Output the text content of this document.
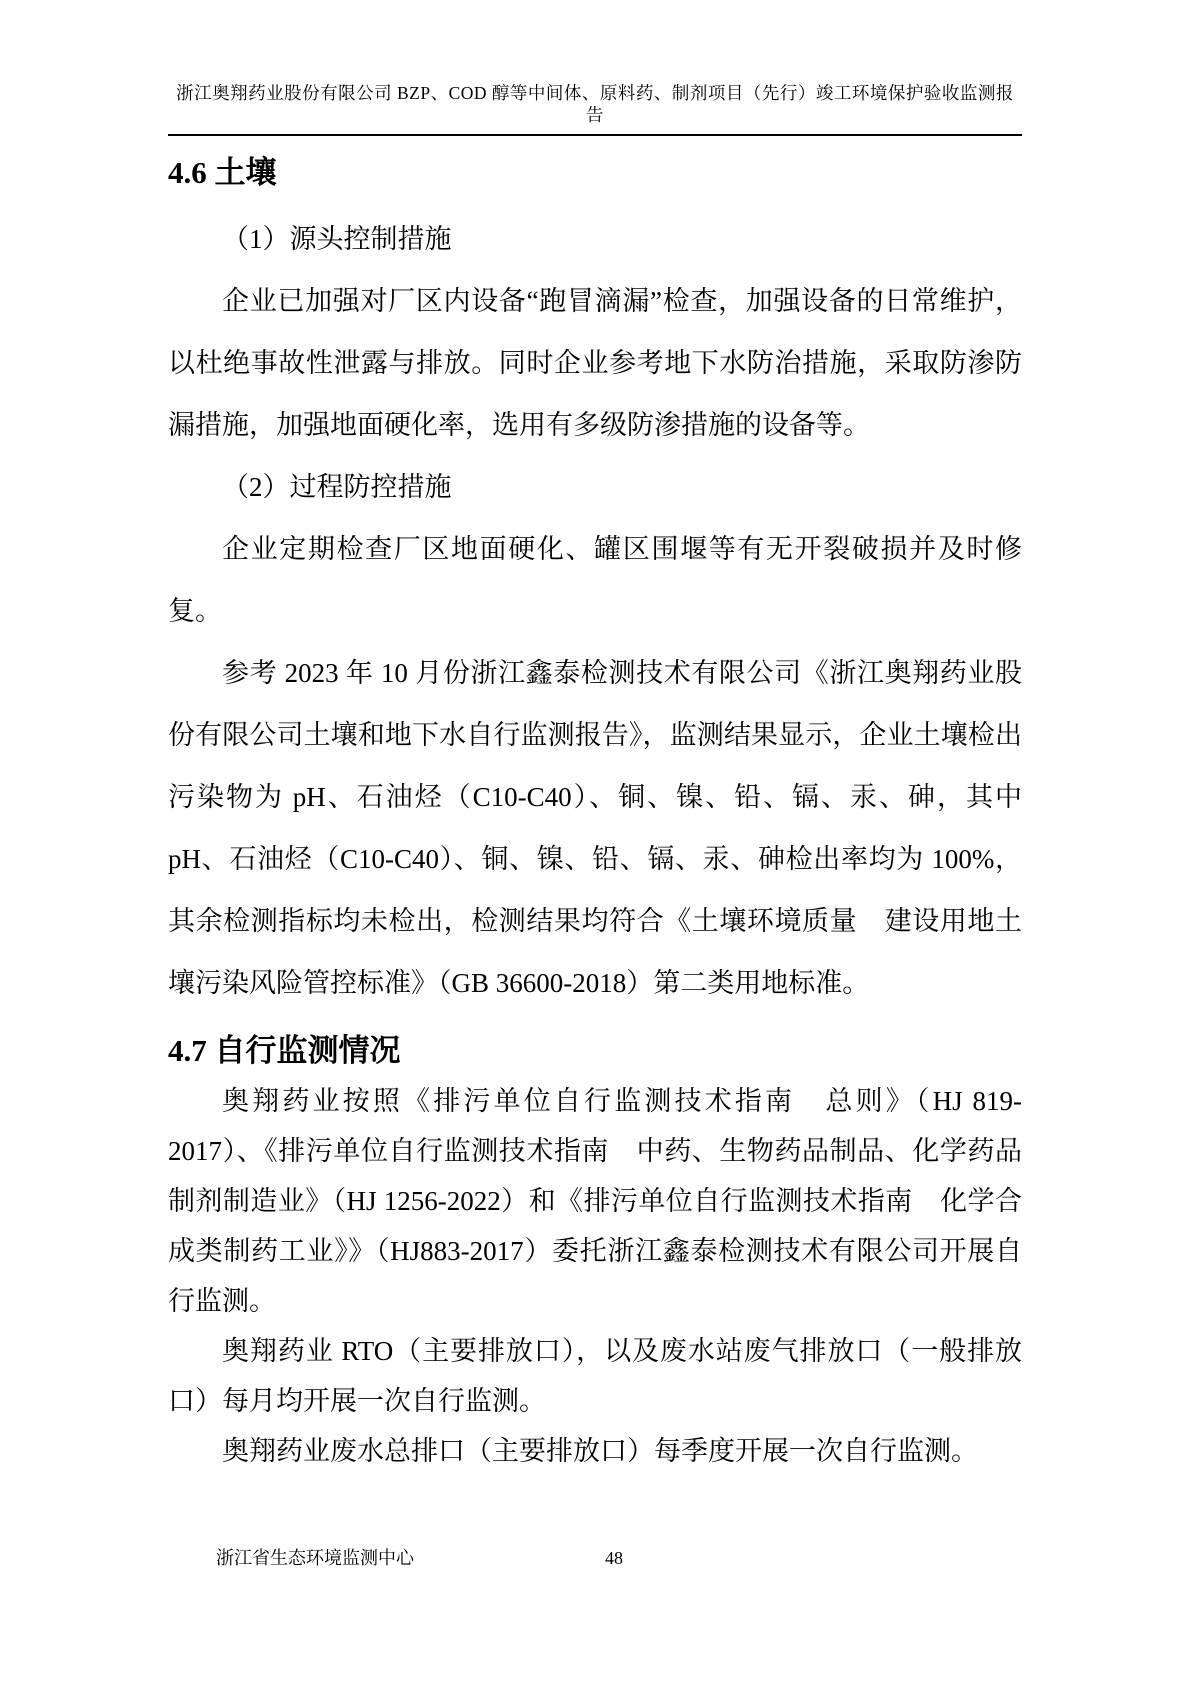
浙江奥翔药业股份有限公司 BZP、COD 醇等中间体、原料药、制剂项目（先行）竣工环境保护验收监测报
告
4.6 土壤

（1）源头控制措施

企业已加强对厂区内设备“跑冒滴漏”检查，加强设备的日常维护，以杜绝事故性泄露与排放。同时企业参考地下水防治措施，采取防渗防漏措施，加强地面硬化率，选用有多级防渗措施的设备等。

（2）过程防控措施

企业定期检查厂区地面硬化、罐区围堰等有无开裂破损并及时修复。

参考 2023 年 10 月份浙江鑫泰检测技术有限公司《浙江奥翔药业股份有限公司土壤和地下水自行监测报告》，监测结果显示，企业土壤检出污染物为 pH、石油烃（C10-C40）、铜、镍、铅、镉、汞、砷，其中 pH、石油烃（C10-C40）、铜、镍、铅、镉、汞、砷检出率均为 100%，其余检测指标均未检出，检测结果均符合《土壤环境质量　建设用地土壤污染风险管控标准》（GB 36600-2018）第二类用地标准。

4.7 自行监测情况

奥翔药业按照《排污单位自行监测技术指南　总则》（HJ 819-2017）、《排污单位自行监测技术指南　中药、生物药品制品、化学药品制剂制造业》（HJ 1256-2022）和《排污单位自行监测技术指南　化学合成类制药工业》》（HJ883-2017）委托浙江鑫泰检测技术有限公司开展自行监测。

奥翔药业 RTO（主要排放口），以及废水站废气排放口（一般排放口）每月均开展一次自行监测。

奥翔药业废水总排口（主要排放口）每季度开展一次自行监测。

浙江省生态环境监测中心	48
